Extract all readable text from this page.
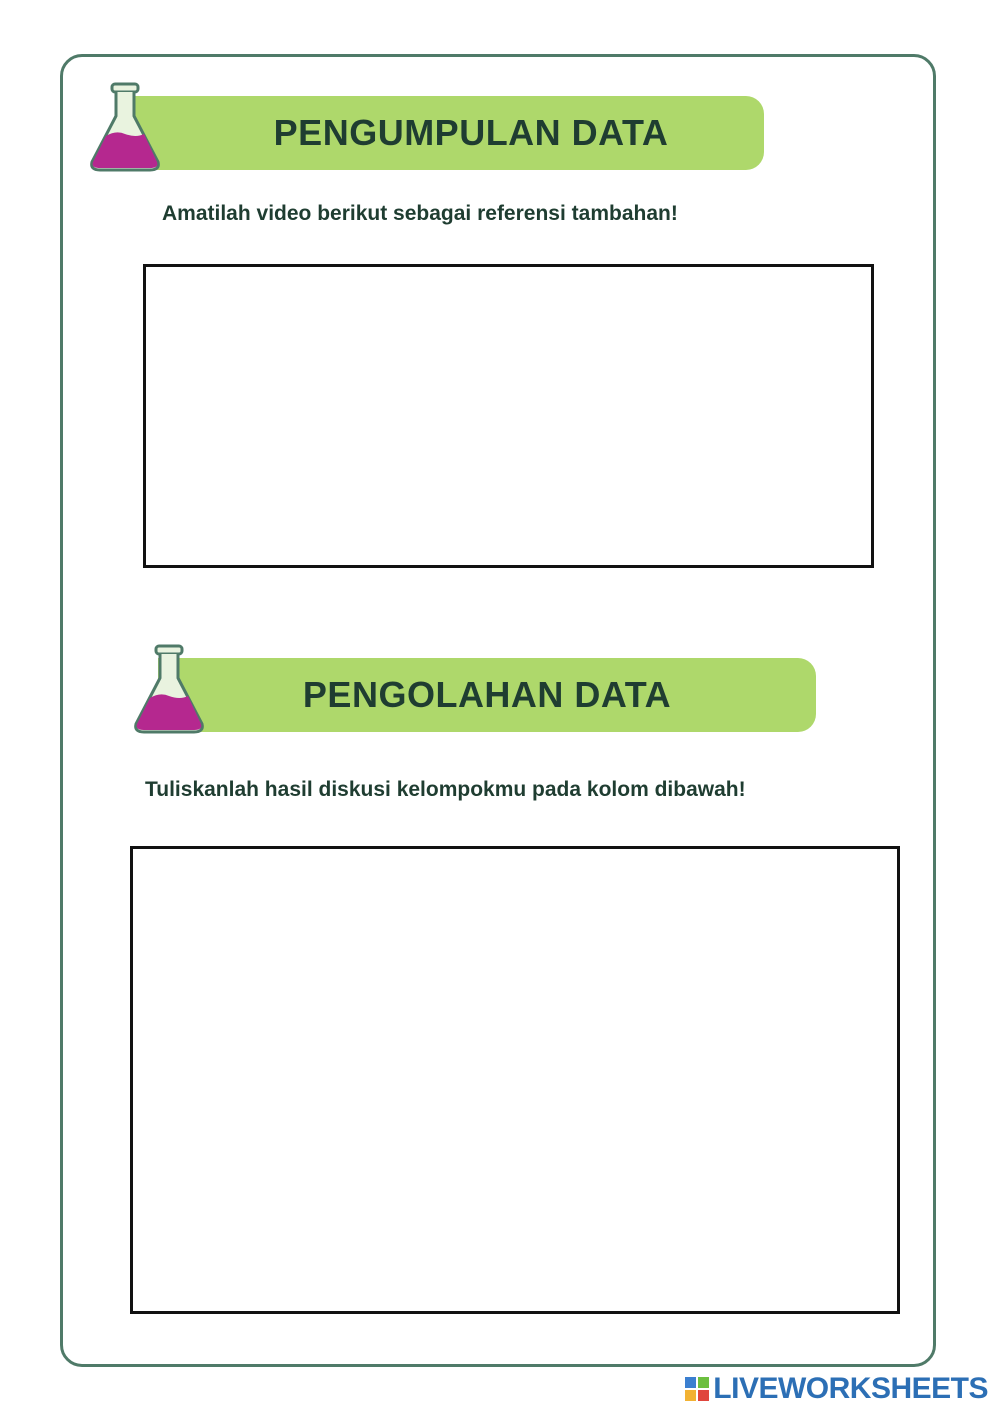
PENGUMPULAN DATA
Amatilah video berikut sebagai referensi tambahan!
PENGOLAHAN DATA
Tuliskanlah hasil diskusi kelompokmu pada kolom dibawah!
LIVEWORKSHEETS
